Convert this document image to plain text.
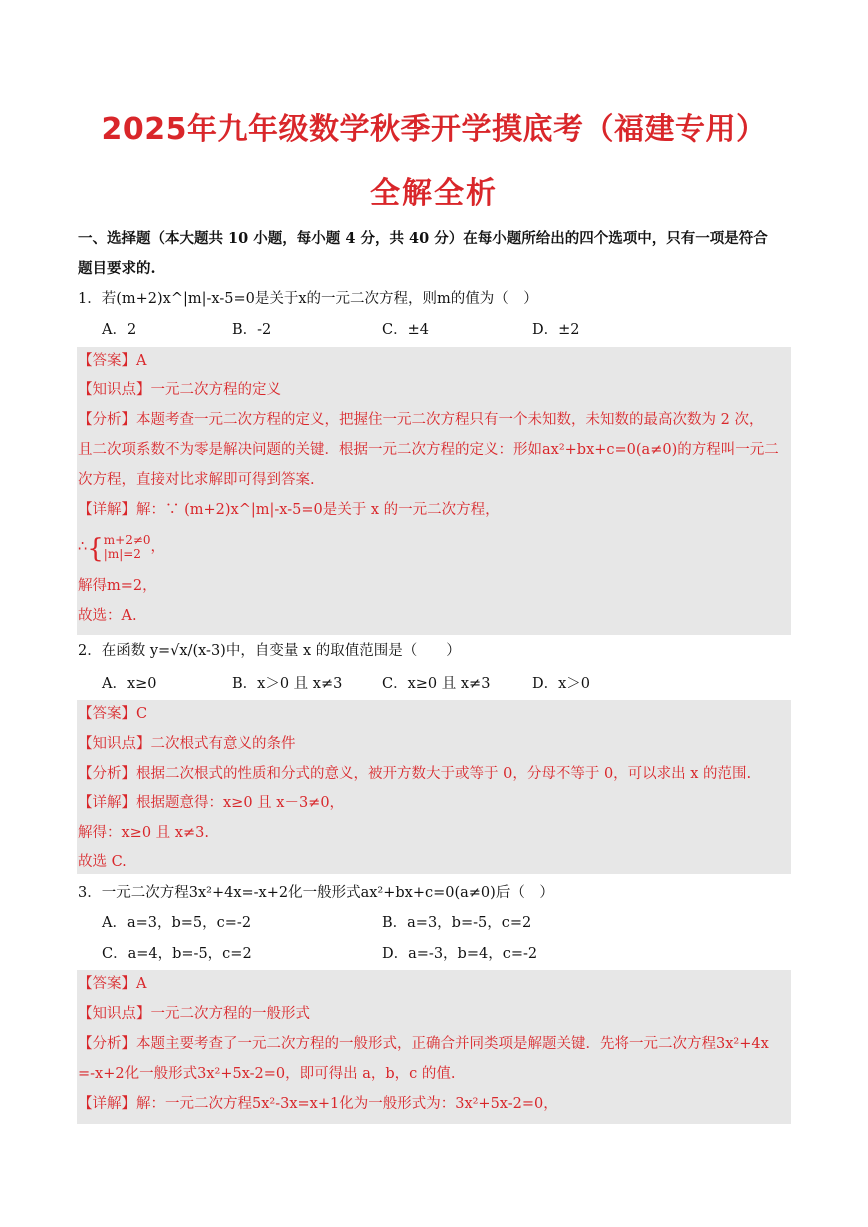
2025年九年级数学秋季开学摸底考（福建专用）
全解全析
一、选择题（本大题共 10 小题，每小题 4 分，共 40 分）在每小题所给出的四个选项中，只有一项是符合
题目要求的.
1．若(m+2)x^|m|-x-5=0是关于x的一元二次方程，则m的值为（　）
A．2	B．-2	C．±4	D．±2
【答案】A
【知识点】一元二次方程的定义
【分析】本题考查一元二次方程的定义，把握住一元二次方程只有一个未知数，未知数的最高次数为 2 次，
且二次项系数不为零是解决问题的关键．根据一元二次方程的定义：形如ax²+bx+c=0(a≠0)的方程叫一元二
次方程，直接对比求解即可得到答案.
【详解】解：∵ (m+2)x^|m|-x-5=0是关于 x 的一元二次方程，
∴{ m+2≠0
|m|=2 ，
解得m=2，
故选：A.
2．在函数 y=√x/(x-3)中，自变量 x 的取值范围是（　　）
A．x≥0	B．x＞0 且 x≠3	C．x≥0 且 x≠3	D．x＞0
【答案】C
【知识点】二次根式有意义的条件
【分析】根据二次根式的性质和分式的意义，被开方数大于或等于 0，分母不等于 0，可以求出 x 的范围.
【详解】根据题意得：x≥0 且 x－3≠0，
解得：x≥0 且 x≠3.
故选 C.
3．一元二次方程3x²+4x=-x+2化一般形式ax²+bx+c=0(a≠0)后（　）
A．a=3，b=5，c=-2	B．a=3，b=-5，c=2
C．a=4，b=-5，c=2	D．a=-3，b=4，c=-2
【答案】A
【知识点】一元二次方程的一般形式
【分析】本题主要考查了一元二次方程的一般形式，正确合并同类项是解题关键．先将一元二次方程3x²+4x
=-x+2化一般形式3x²+5x-2=0，即可得出 a，b，c 的值.
【详解】解：一元二次方程5x²-3x=x+1化为一般形式为：3x²+5x-2=0，
